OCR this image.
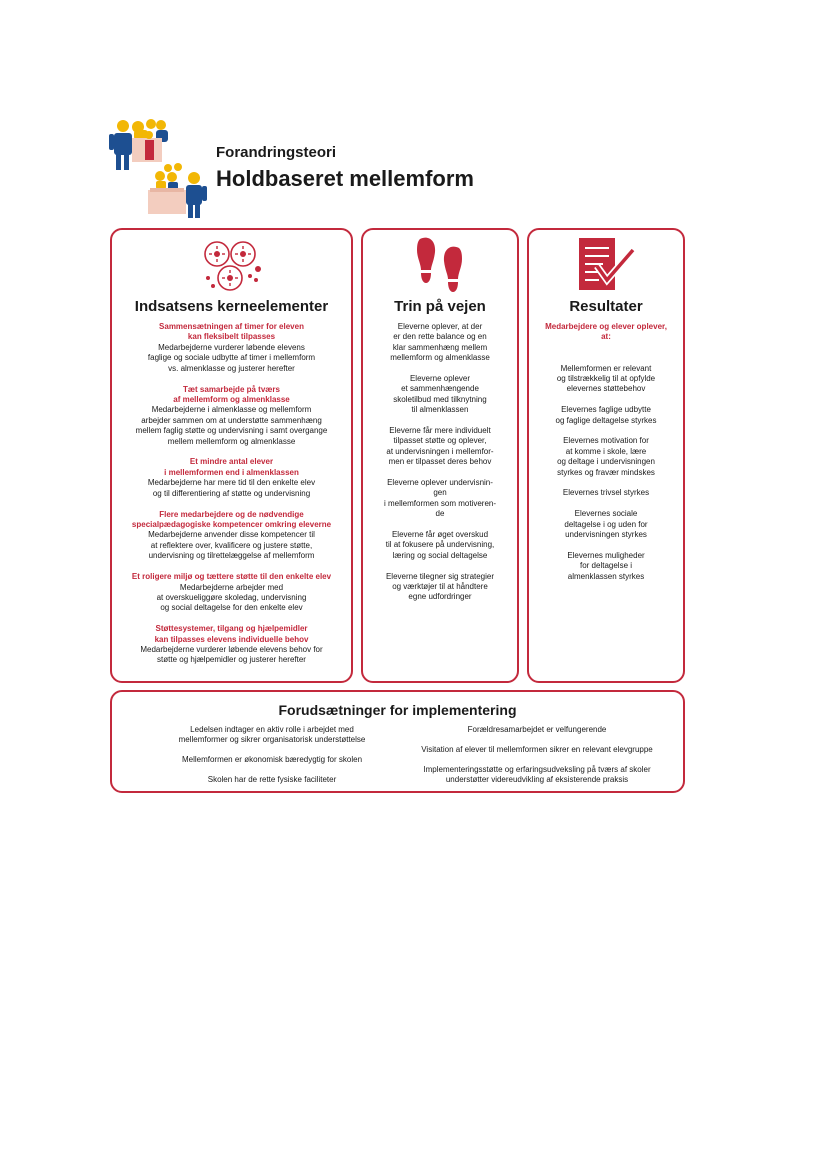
Forandringsteori

Holdbaseret mellemform
Indsatsens kerneelementer

Sammensætningen af timer for eleven
kan fleksibelt tilpasses

Medarbejderne vurderer løbende elevens
faglige og sociale udbytte af timer i mellemform
vs. almenklasse og justerer herefter

Tæt samarbejde på tværs
af mellemform og almenklasse

Medarbejderne i almenklasse og mellemform
arbejder sammen om at understøtte sammenhæng
mellem faglig støtte og undervisning i samt overgange
mellem mellemform og almenklasse

Et mindre antal elever
i mellemformen end i almenklassen

Medarbejderne har mere tid til den enkelte elev
og til differentiering af støtte og undervisning

Flere medarbejdere og de nødvendige
specialpædagogiske kompetencer omkring eleverne

Medarbejderne anvender disse kompetencer til
at reflektere over, kvalificere og justere støtte,
undervisning og tilrettelæggelse af mellemform

Et roligere miljø og tættere støtte til den enkelte elev

Medarbejderne arbejder med
at overskueliggøre skoledag, undervisning
og social deltagelse for den enkelte elev

Støttesystemer, tilgang og hjælpemidler
kan tilpasses elevens individuelle behov

Medarbejderne vurderer løbende elevens behov for
støtte og hjælpemidler og justerer herefter

Trin på vejen

Eleverne oplever, at der
er den rette balance og en
klar sammenhæng mellem
mellemform og almenklasse

Eleverne oplever
et sammenhængende
skoletilbud med tilknytning
til almenklassen

Eleverne får mere individuelt
tilpasset støtte og oplever,
at undervisningen i mellemfor-
men er tilpasset deres behov

Eleverne oplever undervisnin-
gen
i mellemformen som motiveren-
de

Eleverne får øget overskud
til at fokusere på undervisning,
læring og social deltagelse

Eleverne tilegner sig strategier
og værktøjer til at håndtere
egne udfordringer

Resultater

Medarbejdere og elever oplever,
at:

Mellemformen er relevant
og tilstrækkelig til at opfylde
elevernes støttebehov

Elevernes faglige udbytte
og faglige deltagelse styrkes

Elevernes motivation for
at komme i skole, lære
og deltage i undervisningen
styrkes og fravær mindskes

Elevernes trivsel styrkes

Elevernes sociale
deltagelse i og uden for
undervisningen styrkes

Elevernes muligheder
for deltagelse i
almenklassen styrkes

Forudsætninger for implementering

Ledelsen indtager en aktiv rolle i arbejdet med
mellemformer og sikrer organisatorisk understøttelse

Mellemformen er økonomisk bæredygtig for skolen

Skolen har de rette fysiske faciliteter

Forældresamarbejdet er velfungerende

Visitation af elever til mellemformen sikrer en relevant elevgruppe

Implementeringsstøtte og erfaringsudveksling på tværs af skoler
understøtter videreudvikling af eksisterende praksis
